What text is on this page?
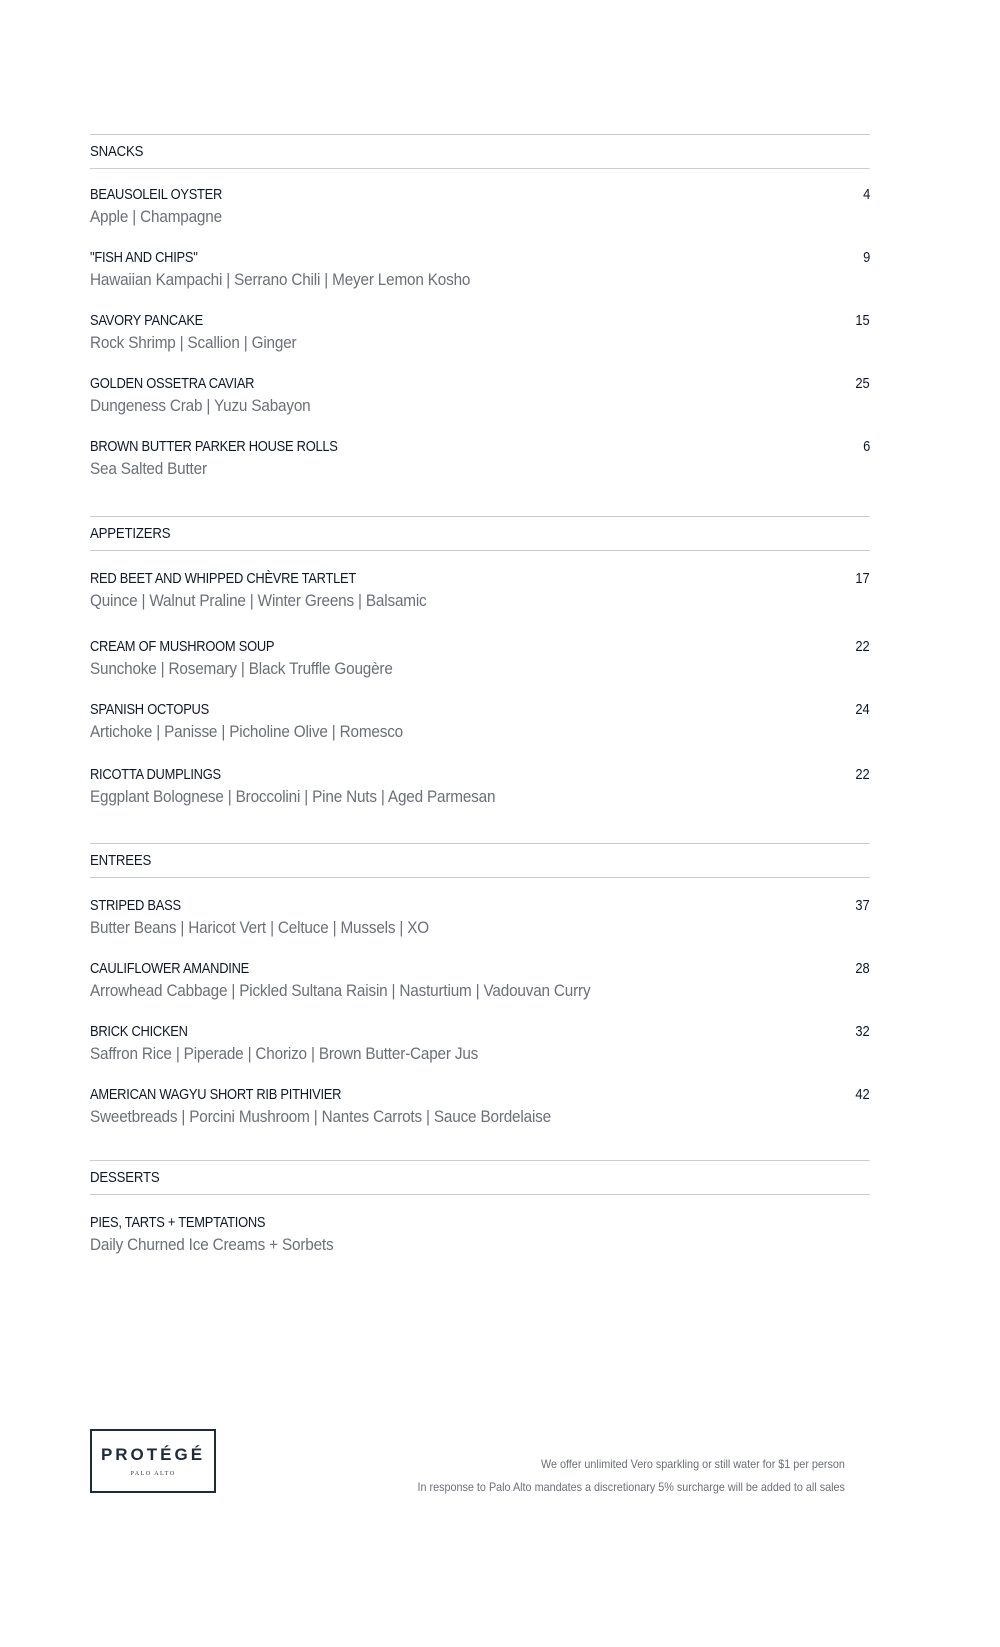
SNACKS
BEAUSOLEIL OYSTER
Apple | Champagne
4
"FISH AND CHIPS"
Hawaiian Kampachi | Serrano Chili | Meyer Lemon Kosho
9
SAVORY PANCAKE
Rock Shrimp | Scallion | Ginger
15
GOLDEN OSSETRA CAVIAR
Dungeness Crab | Yuzu Sabayon
25
BROWN BUTTER PARKER HOUSE ROLLS
Sea Salted Butter
6
APPETIZERS
RED BEET AND WHIPPED CHÈVRE TARTLET
Quince | Walnut Praline | Winter Greens | Balsamic
17
CREAM OF MUSHROOM SOUP
Sunchoke | Rosemary | Black Truffle Gougère
22
SPANISH OCTOPUS
Artichoke | Panisse | Picholine Olive | Romesco
24
RICOTTA DUMPLINGS
Eggplant Bolognese | Broccolini | Pine Nuts | Aged Parmesan
22
ENTREES
STRIPED BASS
Butter Beans | Haricot Vert | Celtuce | Mussels | XO
37
CAULIFLOWER AMANDINE
Arrowhead Cabbage | Pickled Sultana Raisin | Nasturtium | Vadouvan Curry
28
BRICK CHICKEN
Saffron Rice | Piperade | Chorizo | Brown Butter-Caper Jus
32
AMERICAN WAGYU SHORT RIB PITHIVIER
Sweetbreads | Porcini Mushroom | Nantes Carrots | Sauce Bordelaise
42
DESSERTS
PIES, TARTS + TEMPTATIONS
Daily Churned Ice Creams + Sorbets
PROTÉGÉ
PALO ALTO
We offer unlimited Vero sparkling or still water for $1 per person
In response to Palo Alto mandates a discretionary 5% surcharge will be added to all sales
